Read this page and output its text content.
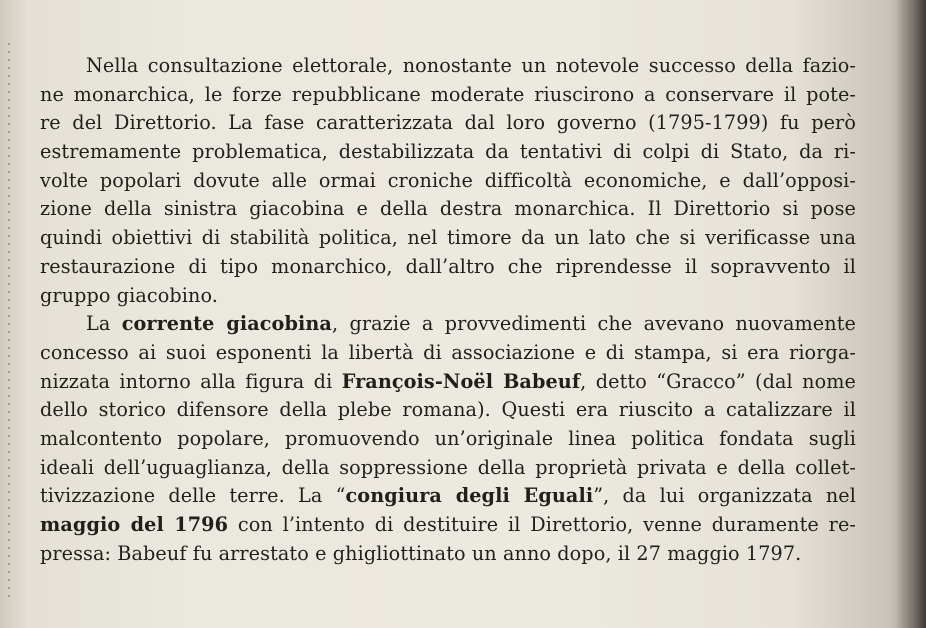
Nella consultazione elettorale, nonostante un notevole successo della fazio-
ne monarchica, le forze repubblicane moderate riuscirono a conservare il pote-
re del Direttorio. La fase caratterizzata dal loro governo (1795-1799) fu però
estremamente problematica, destabilizzata da tentativi di colpi di Stato, da ri-
volte popolari dovute alle ormai croniche difficoltà economiche, e dall’opposi-
zione della sinistra giacobina e della destra monarchica. Il Direttorio si pose
quindi obiettivi di stabilità politica, nel timore da un lato che si verificasse una
restaurazione di tipo monarchico, dall’altro che riprendesse il sopravvento il
gruppo giacobino.
La corrente giacobina, grazie a provvedimenti che avevano nuovamente
concesso ai suoi esponenti la libertà di associazione e di stampa, si era riorga-
nizzata intorno alla figura di François-Noël Babeuf, detto “Gracco” (dal nome
dello storico difensore della plebe romana). Questi era riuscito a catalizzare il
malcontento popolare, promuovendo un’originale linea politica fondata sugli
ideali dell’uguaglianza, della soppressione della proprietà privata e della collet-
tivizzazione delle terre. La “congiura degli Eguali”, da lui organizzata nel
maggio del 1796 con l’intento di destituire il Direttorio, venne duramente re-
pressa: Babeuf fu arrestato e ghigliottinato un anno dopo, il 27 maggio 1797.
